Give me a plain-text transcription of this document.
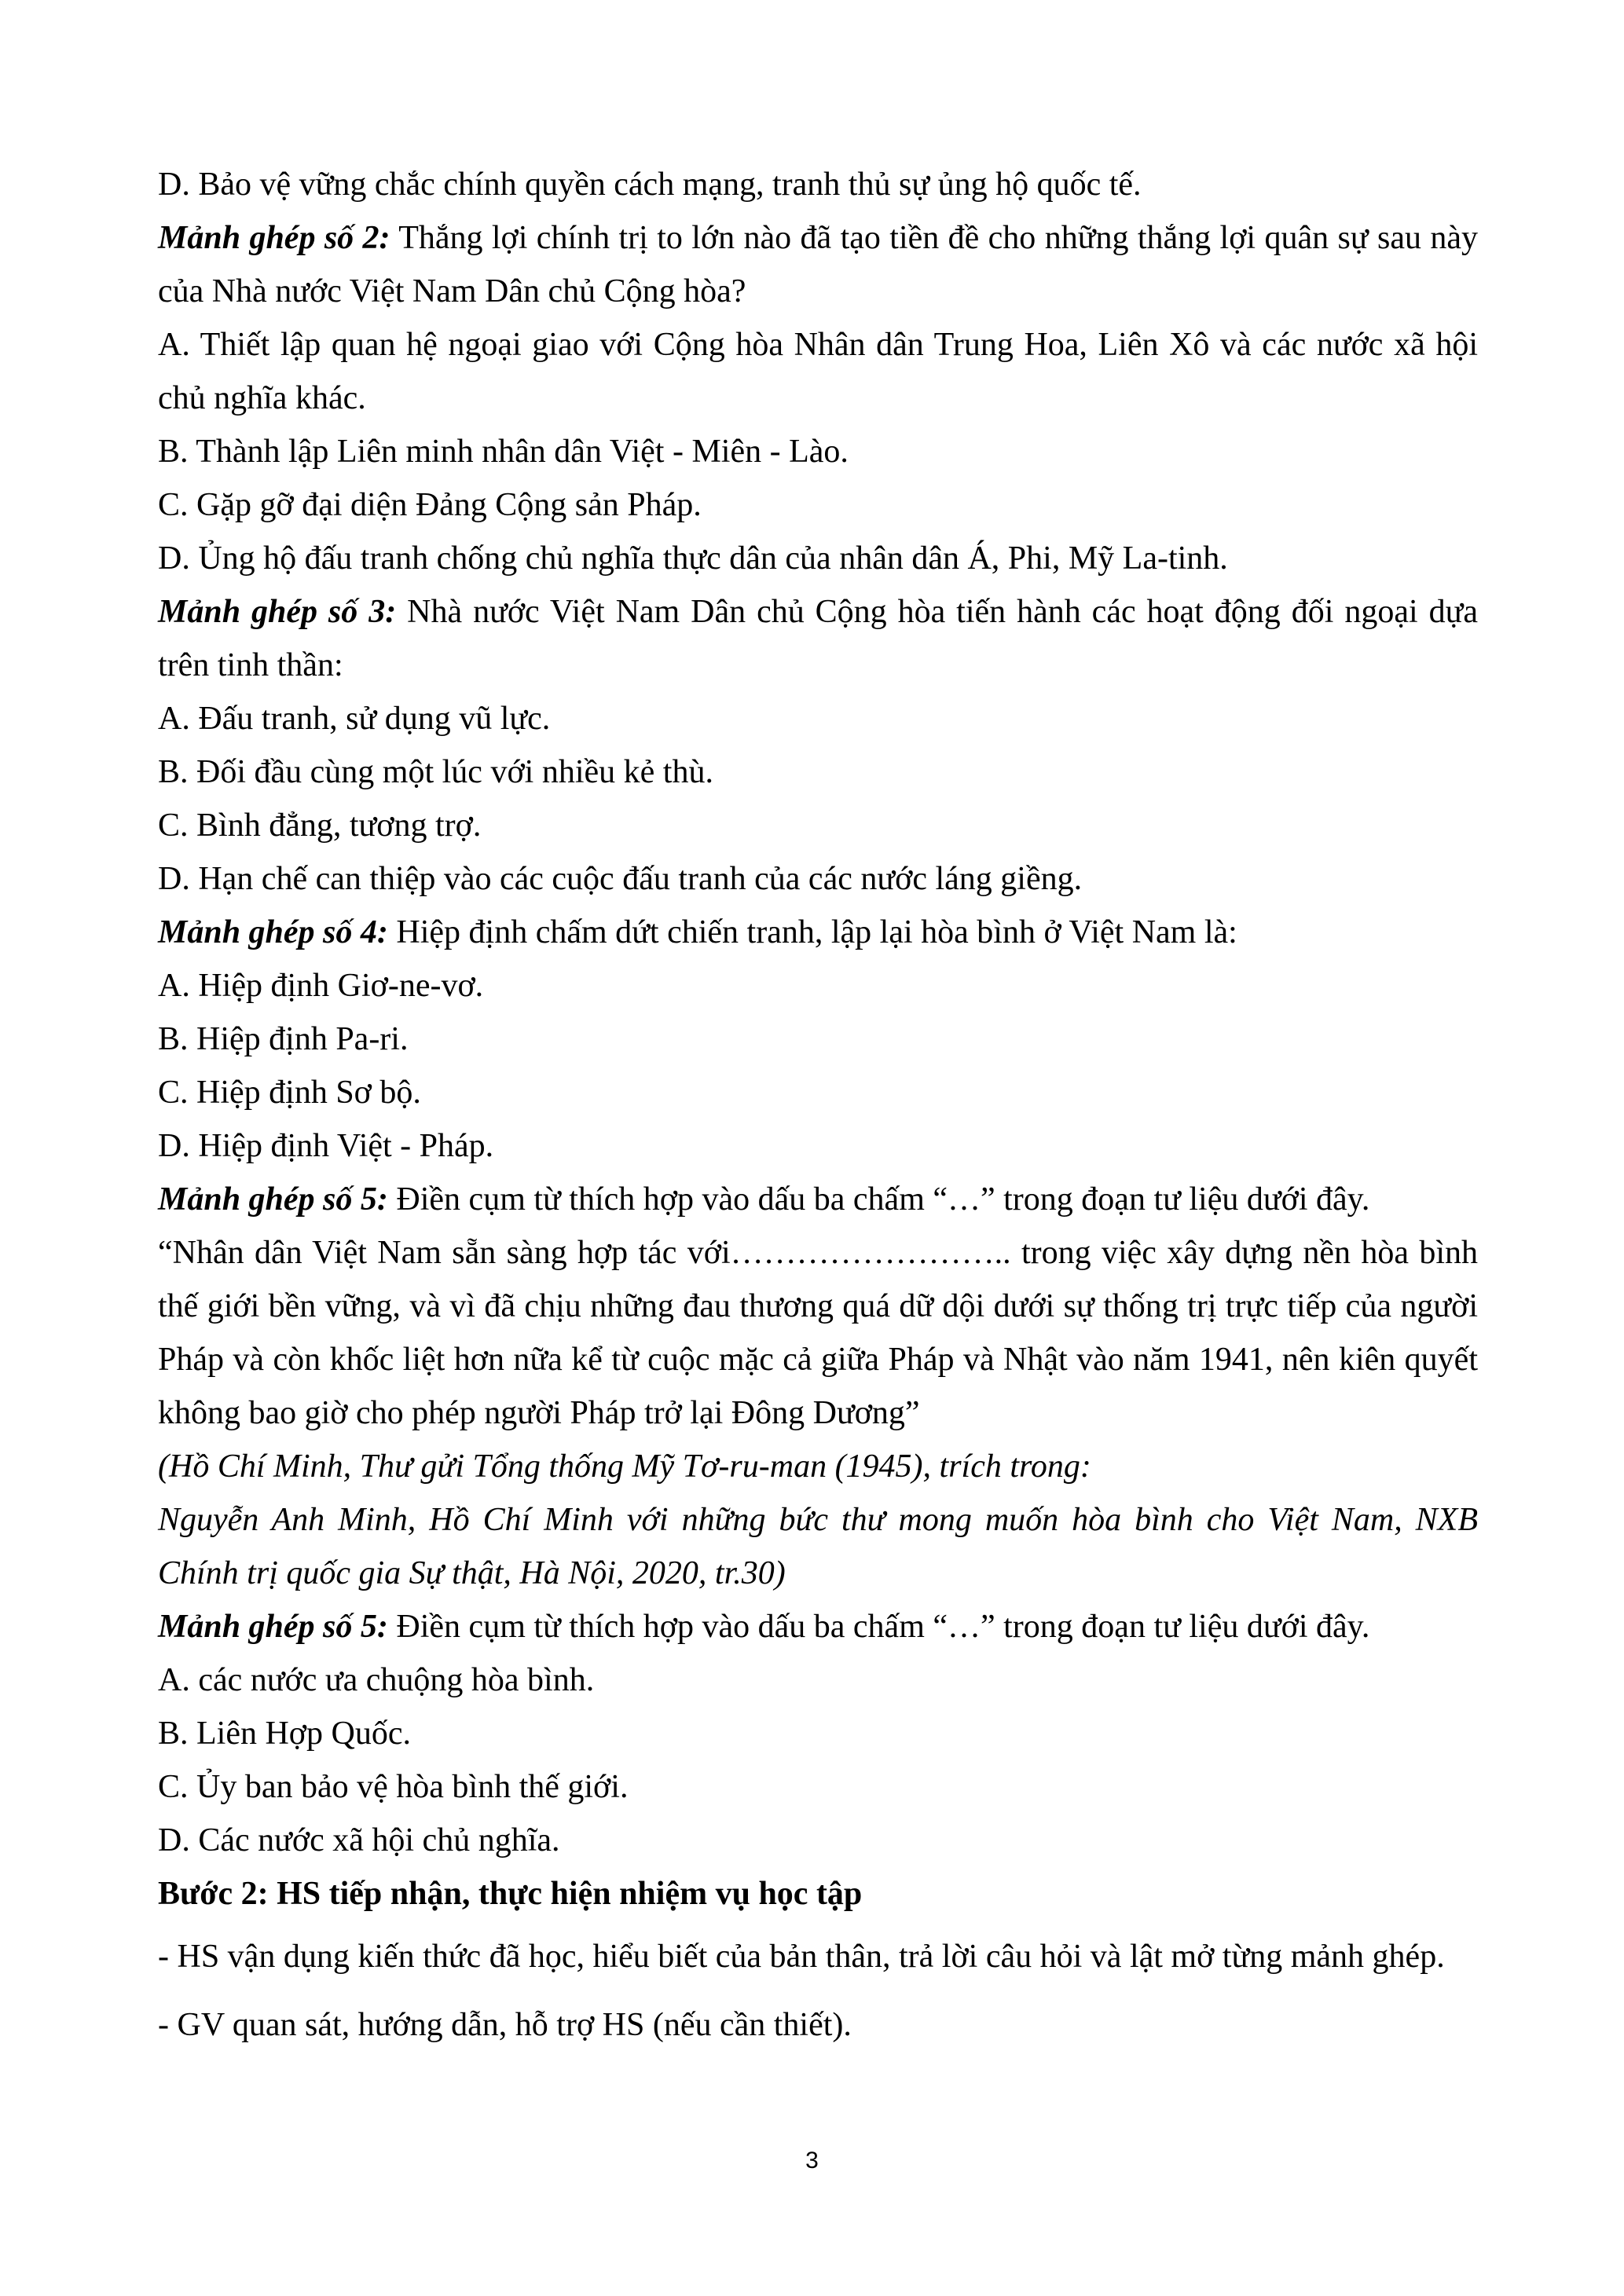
D. Bảo vệ vững chắc chính quyền cách mạng, tranh thủ sự ủng hộ quốc tế.

Mảnh ghép số 2: Thắng lợi chính trị to lớn nào đã tạo tiền đề cho những thắng lợi quân sự sau này của Nhà nước Việt Nam Dân chủ Cộng hòa?

A. Thiết lập quan hệ ngoại giao với Cộng hòa Nhân dân Trung Hoa, Liên Xô và các nước xã hội chủ nghĩa khác.

B. Thành lập Liên minh nhân dân Việt - Miên - Lào.

C. Gặp gỡ đại diện Đảng Cộng sản Pháp.

D. Ủng hộ đấu tranh chống chủ nghĩa thực dân của nhân dân Á, Phi, Mỹ La-tinh.

Mảnh ghép số 3: Nhà nước Việt Nam Dân chủ Cộng hòa tiến hành các hoạt động đối ngoại dựa trên tinh thần:

A. Đấu tranh, sử dụng vũ lực.

B. Đối đầu cùng một lúc với nhiều kẻ thù.

C. Bình đẳng, tương trợ.

D. Hạn chế can thiệp vào các cuộc đấu tranh của các nước láng giềng.

Mảnh ghép số 4: Hiệp định chấm dứt chiến tranh, lập lại hòa bình ở Việt Nam là:

A. Hiệp định Giơ-ne-vơ.

B. Hiệp định Pa-ri.

C. Hiệp định Sơ bộ.

D. Hiệp định Việt - Pháp.

Mảnh ghép số 5: Điền cụm từ thích hợp vào dấu ba chấm “…” trong đoạn tư liệu dưới đây.

“Nhân dân Việt Nam sẵn sàng hợp tác với…………………….. trong việc xây dựng nền hòa bình thế giới bền vững, và vì đã chịu những đau thương quá dữ dội dưới sự thống trị trực tiếp của người Pháp và còn khốc liệt hơn nữa kể từ cuộc mặc cả giữa Pháp và Nhật vào năm 1941, nên kiên quyết không bao giờ cho phép người Pháp trở lại Đông Dương”

(Hồ Chí Minh, Thư gửi Tổng thống Mỹ Tơ-ru-man (1945), trích trong:

Nguyễn Anh Minh, Hồ Chí Minh với những bức thư mong muốn hòa bình cho Việt Nam, NXB Chính trị quốc gia Sự thật, Hà Nội, 2020, tr.30)

Mảnh ghép số 5: Điền cụm từ thích hợp vào dấu ba chấm “…” trong đoạn tư liệu dưới đây.

A. các nước ưa chuộng hòa bình.

B. Liên Hợp Quốc.

C. Ủy ban bảo vệ hòa bình thế giới.

D. Các nước xã hội chủ nghĩa.

Bước 2: HS tiếp nhận, thực hiện nhiệm vụ học tập

- HS vận dụng kiến thức đã học, hiểu biết của bản thân, trả lời câu hỏi và lật mở từng mảnh ghép.

- GV quan sát, hướng dẫn, hỗ trợ HS (nếu cần thiết).

3
